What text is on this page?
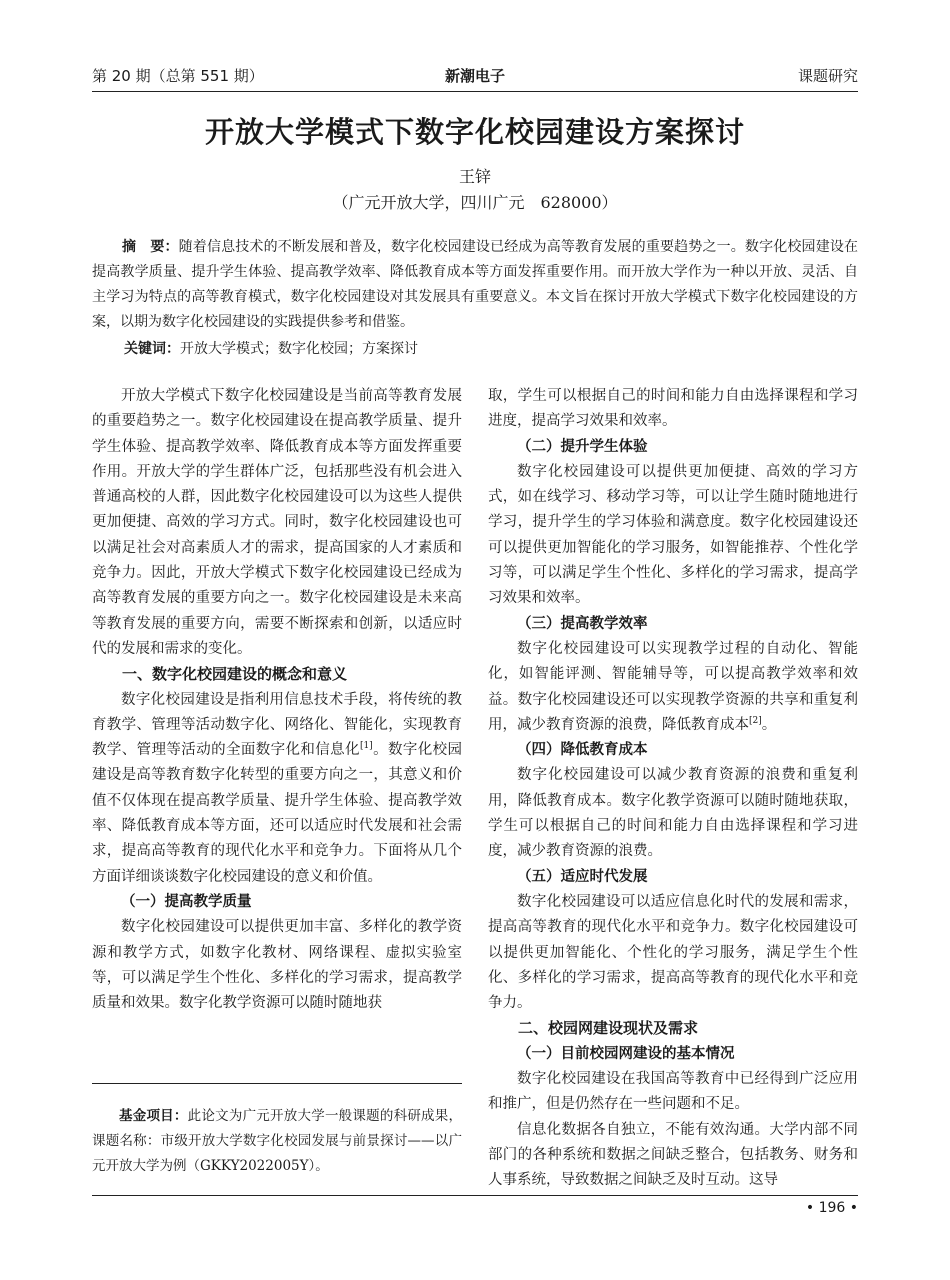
第 20 期（总第 551 期）	新潮电子	课题研究
开放大学模式下数字化校园建设方案探讨
王锌
（广元开放大学，四川广元　628000）
摘　要：随着信息技术的不断发展和普及，数字化校园建设已经成为高等教育发展的重要趋势之一。数字化校园建设在提高教学质量、提升学生体验、提高教学效率、降低教育成本等方面发挥重要作用。而开放大学作为一种以开放、灵活、自主学习为特点的高等教育模式，数字化校园建设对其发展具有重要意义。本文旨在探讨开放大学模式下数字化校园建设的方案，以期为数字化校园建设的实践提供参考和借鉴。
关键词：开放大学模式；数字化校园；方案探讨

开放大学模式下数字化校园建设是当前高等教育发展的重要趋势之一。数字化校园建设在提高教学质量、提升学生体验、提高教学效率、降低教育成本等方面发挥重要作用。开放大学的学生群体广泛，包括那些没有机会进入普通高校的人群，因此数字化校园建设可以为这些人提供更加便捷、高效的学习方式。同时，数字化校园建设也可以满足社会对高素质人才的需求，提高国家的人才素质和竞争力。因此，开放大学模式下数字化校园建设已经成为高等教育发展的重要方向之一。数字化校园建设是未来高等教育发展的重要方向，需要不断探索和创新，以适应时代的发展和需求的变化。

一、数字化校园建设的概念和意义

数字化校园建设是指利用信息技术手段，将传统的教育教学、管理等活动数字化、网络化、智能化，实现教育教学、管理等活动的全面数字化和信息化[1]。数字化校园建设是高等教育数字化转型的重要方向之一，其意义和价值不仅体现在提高教学质量、提升学生体验、提高教学效率、降低教育成本等方面，还可以适应时代发展和社会需求，提高高等教育的现代化水平和竞争力。下面将从几个方面详细谈谈数字化校园建设的意义和价值。

（一）提高教学质量

数字化校园建设可以提供更加丰富、多样化的教学资源和教学方式，如数字化教材、网络课程、虚拟实验室等，可以满足学生个性化、多样化的学习需求，提高教学质量和效果。数字化教学资源可以随时随地获

取，学生可以根据自己的时间和能力自由选择课程和学习进度，提高学习效果和效率。

（二）提升学生体验

数字化校园建设可以提供更加便捷、高效的学习方式，如在线学习、移动学习等，可以让学生随时随地进行学习，提升学生的学习体验和满意度。数字化校园建设还可以提供更加智能化的学习服务，如智能推荐、个性化学习等，可以满足学生个性化、多样化的学习需求，提高学习效果和效率。

（三）提高教学效率

数字化校园建设可以实现教学过程的自动化、智能化，如智能评测、智能辅导等，可以提高教学效率和效益。数字化校园建设还可以实现教学资源的共享和重复利用，减少教育资源的浪费，降低教育成本[2]。

（四）降低教育成本

数字化校园建设可以减少教育资源的浪费和重复利用，降低教育成本。数字化教学资源可以随时随地获取，学生可以根据自己的时间和能力自由选择课程和学习进度，减少教育资源的浪费。

（五）适应时代发展

数字化校园建设可以适应信息化时代的发展和需求，提高高等教育的现代化水平和竞争力。数字化校园建设可以提供更加智能化、个性化的学习服务，满足学生个性化、多样化的学习需求，提高高等教育的现代化水平和竞争力。

二、校园网建设现状及需求
（一）目前校园网建设的基本情况

数字化校园建设在我国高等教育中已经得到广泛应用和推广，但是仍然存在一些问题和不足。

信息化数据各自独立，不能有效沟通。大学内部不同部门的各种系统和数据之间缺乏整合，包括教务、财务和人事系统，导致数据之间缺乏及时互动。这导

基金项目：此论文为广元开放大学一般课题的科研成果，课题名称：市级开放大学数字化校园发展与前景探讨——以广元开放大学为例（GKKY2022005Y）。
• 196 •
